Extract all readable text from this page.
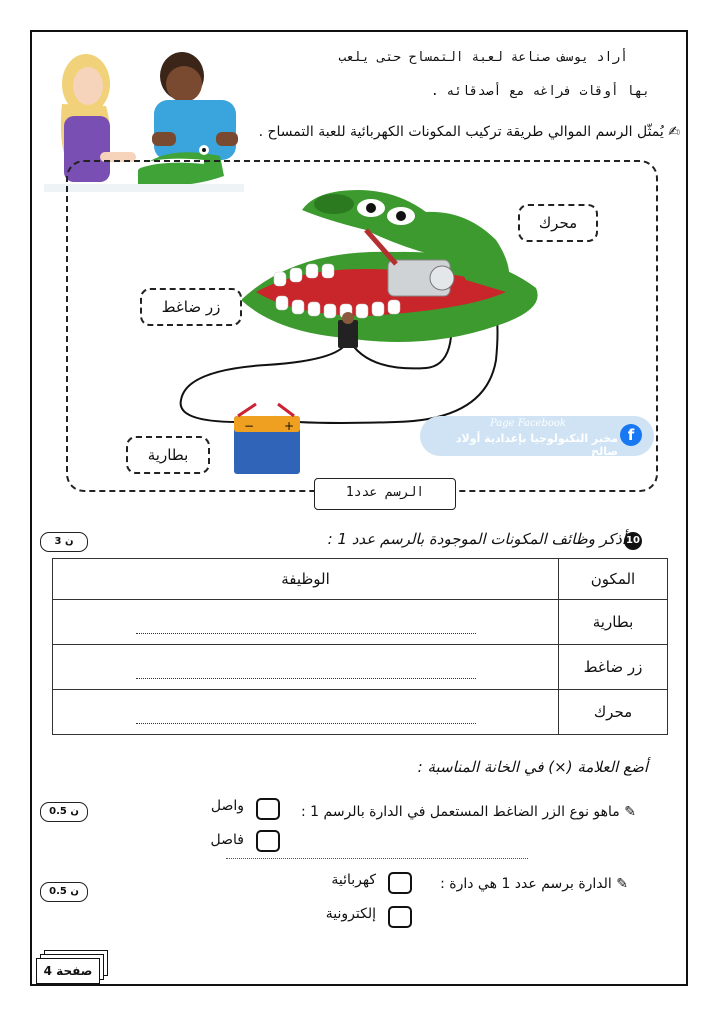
أراد يوسف صناعة لعبة التمساح حتى يلعب
بها أوقات فراغه مع أصدقائه .
✍ يُمثّل الرسم الموالي طريقة تركيب المكونات الكهربائية للعبة التمساح .
− +
محرك
زر ضاغط
بطارية
Page Facebook
مخبر التكنولوجيا بإعدادية أولاد صالح
f
الرسم عدد1
3 ن	10
أذكر وظائف المكونات الموجودة بالرسم عدد 1 :
المكون	الوظيفة
بطارية	

زر ضاغط	

محرك	
أضع العلامة (×) في الخانة المناسبة :
0.5 ن	✎ ماهو نوع الزر الضاغط المستعمل في الدارة بالرسم 1 :
واصل
فاصل
0.5 ن	✎ الدارة برسم عدد 1 هي دارة :
كهربائية
إلكترونية
صفحة 4
